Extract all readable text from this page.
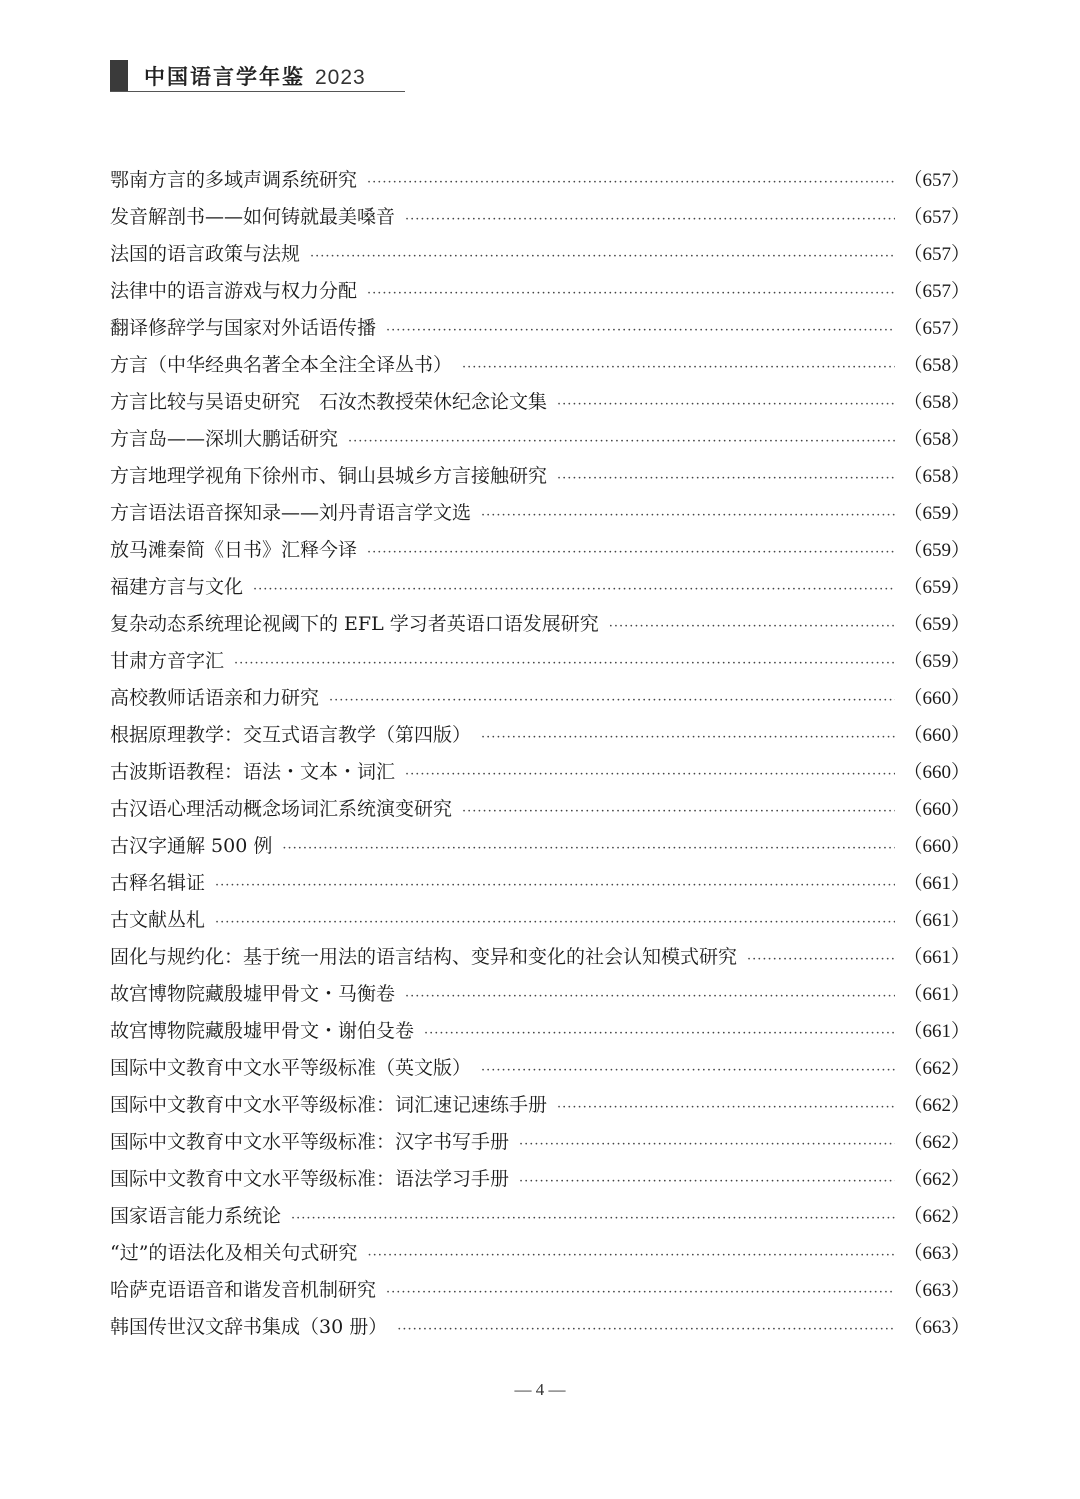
中国语言学年鉴 2023
鄂南方言的多域声调系统研究 ·····	（657）
发音解剖书——如何铸就最美嗓音 ·····	（657）
法国的语言政策与法规 ·····	（657）
法律中的语言游戏与权力分配 ·····	（657）
翻译修辞学与国家对外话语传播 ·····	（657）
方言（中华经典名著全本全注全译丛书） ·····	（658）
方言比较与吴语史研究　石汝杰教授荣休纪念论文集 ·····	（658）
方言岛——深圳大鹏话研究 ·····	（658）
方言地理学视角下徐州市、铜山县城乡方言接触研究 ·····	（658）
方言语法语音探知录——刘丹青语言学文选 ·····	（659）
放马滩秦简《日书》汇释今译 ·····	（659）
福建方言与文化 ·····	（659）
复杂动态系统理论视阈下的 EFL 学习者英语口语发展研究 ·····	（659）
甘肃方音字汇 ·····	（659）
高校教师话语亲和力研究 ·····	（660）
根据原理教学：交互式语言教学（第四版） ·····	（660）
古波斯语教程：语法・文本・词汇 ·····	（660）
古汉语心理活动概念场词汇系统演变研究 ·····	（660）
古汉字通解 500 例 ·····	（660）
古释名辑证 ·····	（661）
古文献丛札 ·····	（661）
固化与规约化：基于统一用法的语言结构、变异和变化的社会认知模式研究 ·····	（661）
故宫博物院藏殷墟甲骨文・马衡卷 ·····	（661）
故宫博物院藏殷墟甲骨文・谢伯殳卷 ·····	（661）
国际中文教育中文水平等级标准（英文版） ·····	（662）
国际中文教育中文水平等级标准：词汇速记速练手册 ·····	（662）
国际中文教育中文水平等级标准：汉字书写手册 ·····	（662）
国际中文教育中文水平等级标准：语法学习手册 ·····	（662）
国家语言能力系统论 ·····	（662）
“过”的语法化及相关句式研究 ·····	（663）
哈萨克语语音和谐发音机制研究 ·····	（663）
韩国传世汉文辞书集成（30 册） ·····	（663）
— 4 —
